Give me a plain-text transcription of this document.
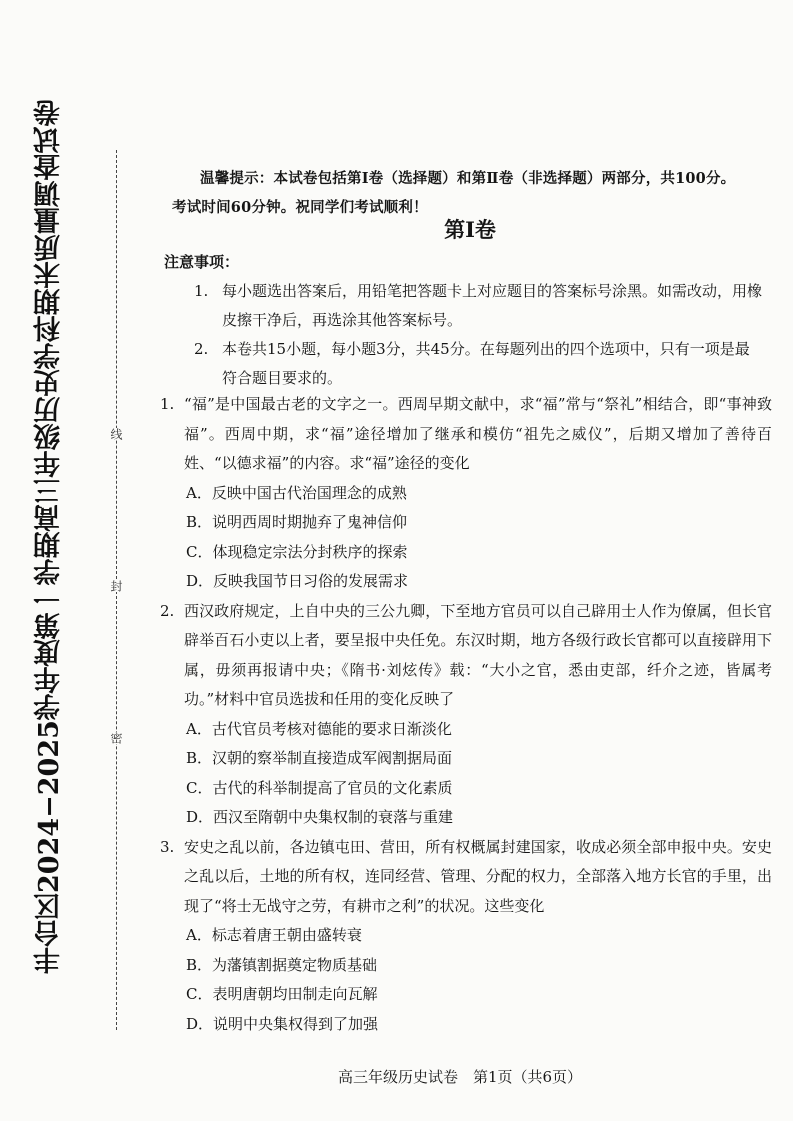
丰台区2024−2025学年度第一学期高三年级历史学科期末质量调查试卷	线
封
密

温馨提示：本试卷包括第Ⅰ卷（选择题）和第Ⅱ卷（非选择题）两部分，共100分。

考试时间60分钟。祝同学们考试顺利！

第Ⅰ卷
注意事项：
1. 每小题选出答案后，用铅笔把答题卡上对应题目的答案标号涂黑。如需改动，用橡皮擦干净后，再选涂其他答案标号。
2. 本卷共15小题，每小题3分，共45分。在每题列出的四个选项中，只有一项是最符合题目要求的。
1. “福”是中国最古老的文字之一。西周早期文献中，求“福”常与“祭礼”相结合，即“事神致福”。西周中期，求“福”途径增加了继承和模仿“祖先之威仪”，后期又增加了善待百姓、“以德求福”的内容。求“福”途径的变化
A．反映中国古代治国理念的成熟
B．说明西周时期抛弃了鬼神信仰
C．体现稳定宗法分封秩序的探索
D．反映我国节日习俗的发展需求
2. 西汉政府规定，上自中央的三公九卿，下至地方官员可以自己辟用士人作为僚属，但长官辟举百石小吏以上者，要呈报中央任免。东汉时期，地方各级行政长官都可以直接辟用下属，毋须再报请中央；《隋书·刘炫传》载：“大小之官，悉由吏部，纤介之迹，皆属考功。”材料中官员选拔和任用的变化反映了
A．古代官员考核对德能的要求日渐淡化
B．汉朝的察举制直接造成军阀割据局面
C．古代的科举制提高了官员的文化素质
D．西汉至隋朝中央集权制的衰落与重建
3. 安史之乱以前，各边镇屯田、营田，所有权概属封建国家，收成必须全部申报中央。安史之乱以后，土地的所有权，连同经营、管理、分配的权力，全部落入地方长官的手里，出现了“将士无战守之劳，有耕市之利”的状况。这些变化
A．标志着唐王朝由盛转衰
B．为藩镇割据奠定物质基础
C．表明唐朝均田制走向瓦解
D．说明中央集权得到了加强
高三年级历史试卷　第1页（共6页）
